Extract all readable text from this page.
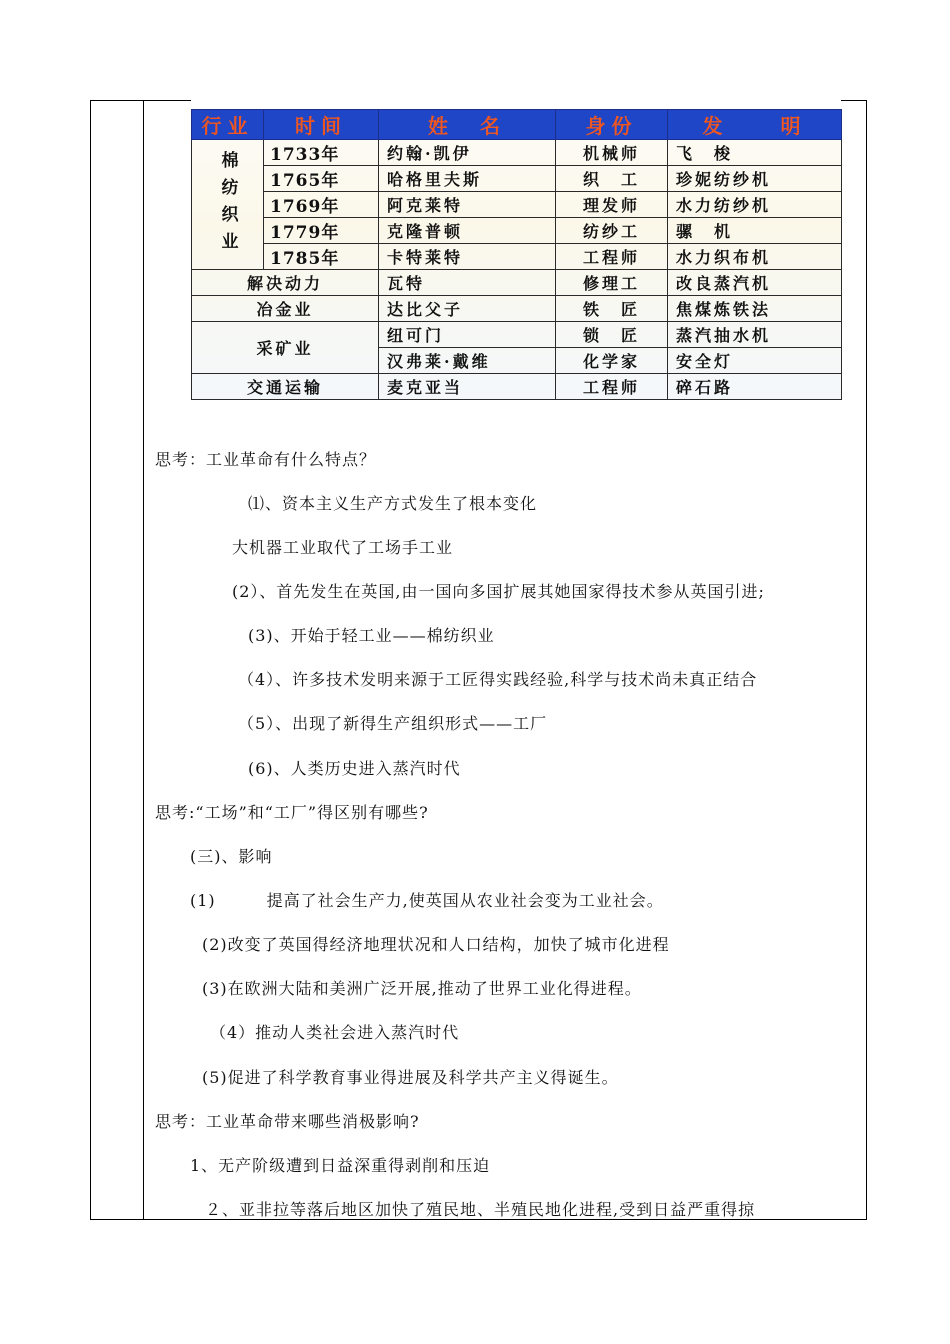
行业	时间	姓　名	身份	发　　明

棉纺织业	1733年	约翰·凯伊	机械师	飞　梭
	1765年	哈格里夫斯	织　工	珍妮纺纱机
	1769年	阿克莱特	理发师	水力纺纱机
	1779年	克隆普顿	纺纱工	骡　机
	1785年	卡特莱特	工程师	水力织布机
解决动力		瓦特	修理工	改良蒸汽机
冶金业		达比父子	铁　匠	焦煤炼铁法
采矿业		纽可门	锁　匠	蒸汽抽水机
		汉弗莱·戴维	化学家	安全灯
交通运输		麦克亚当	工程师	碎石路
思考：工业革命有什么特点？
⑴、资本主义生产方式发生了根本变化
大机器工业取代了工场手工业
(2）、首先发生在英国,由一国向多国扩展其她国家得技术参从英国引进;
(3)、开始于轻工业——棉纺织业
（4）、许多技术发明来源于工匠得实践经验,科学与技术尚未真正结合
（5）、出现了新得生产组织形式——工厂
(6)、人类历史进入蒸汽时代
思考:“工场”和“工厂”得区别有哪些?
(三)、影响
(1)　　　提高了社会生产力,使英国从农业社会变为工业社会。
(2)改变了英国得经济地理状况和人口结构，加快了城市化进程
(3)在欧洲大陆和美洲广泛开展,推动了世界工业化得进程。
（4）推动人类社会进入蒸汽时代
(5)促进了科学教育事业得进展及科学共产主义得诞生。
思考：工业革命带来哪些消极影响?
1、无产阶级遭到日益深重得剥削和压迫
２、亚非拉等落后地区加快了殖民地、半殖民地化进程,受到日益严重得掠
